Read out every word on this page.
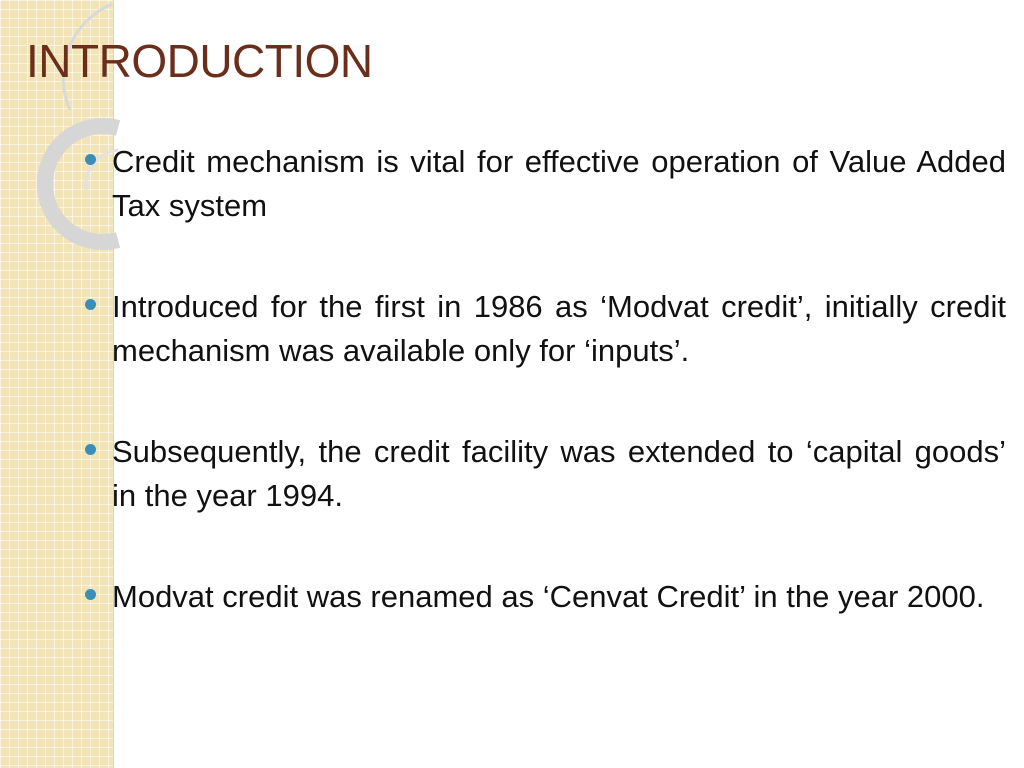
INTRODUCTION
Credit mechanism is vital for effective operation of Value Added Tax system
Introduced for the first in 1986 as ‘Modvat credit’, initially credit mechanism was available only for ‘inputs’.
Subsequently, the credit facility was extended to ‘capital goods’ in the year 1994.
Modvat credit was renamed as ‘Cenvat Credit’ in the year 2000.
